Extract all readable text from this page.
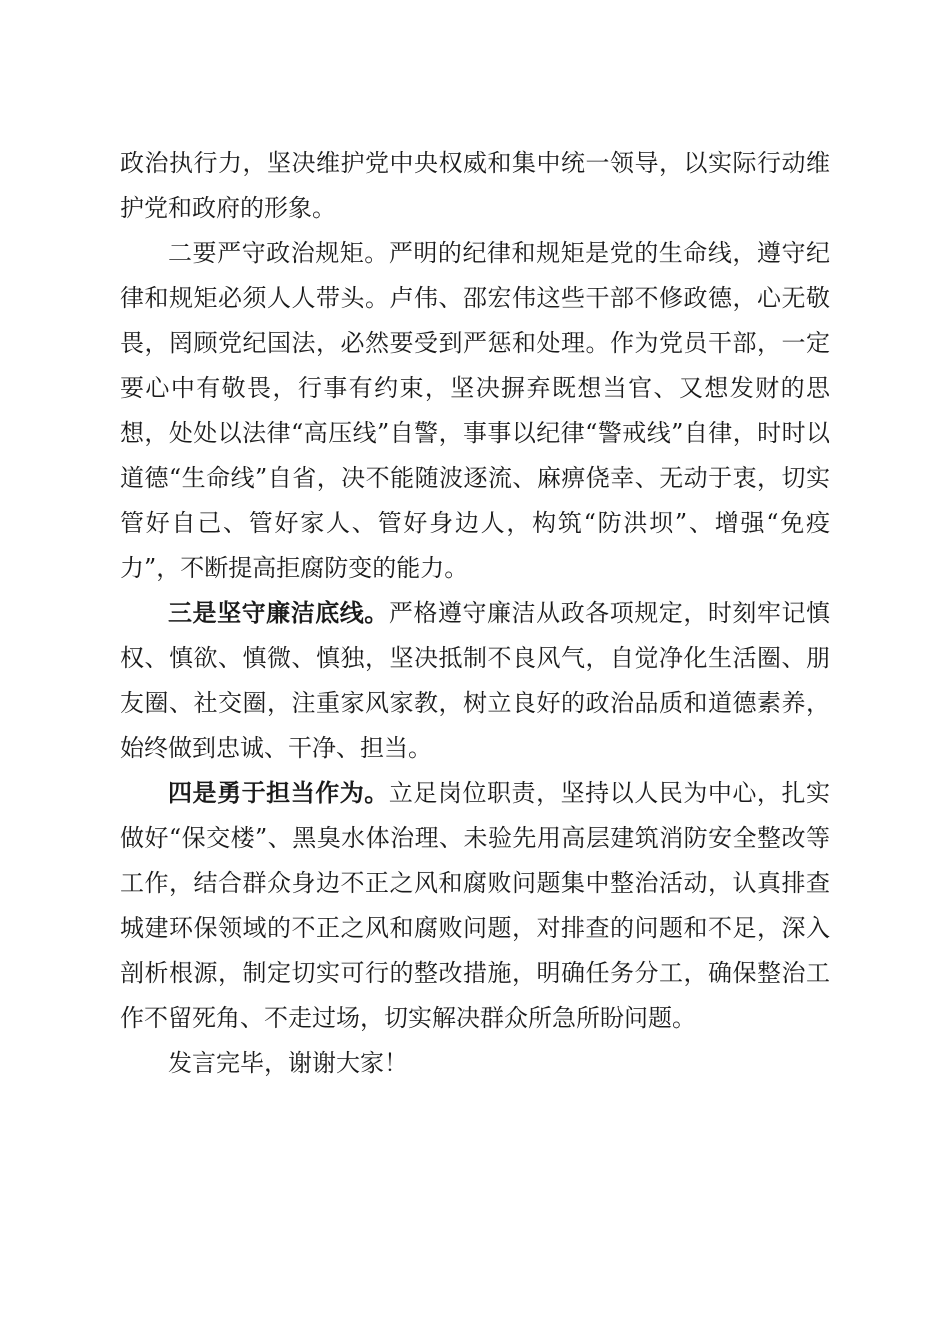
政治执行力，坚决维护党中央权威和集中统一领导，以实际行动维护党和政府的形象。

二要严守政治规矩。严明的纪律和规矩是党的生命线，遵守纪律和规矩必须人人带头。卢伟、邵宏伟这些干部不修政德，心无敬畏，罔顾党纪国法，必然要受到严惩和处理。作为党员干部，一定要心中有敬畏，行事有约束，坚决摒弃既想当官、又想发财的思想，处处以法律“高压线”自警，事事以纪律“警戒线”自律，时时以道德“生命线”自省，决不能随波逐流、麻痹侥幸、无动于衷，切实管好自己、管好家人、管好身边人，构筑“防洪坝”、增强“免疫力”，不断提高拒腐防变的能力。

三是坚守廉洁底线。严格遵守廉洁从政各项规定，时刻牢记慎权、慎欲、慎微、慎独，坚决抵制不良风气，自觉净化生活圈、朋友圈、社交圈，注重家风家教，树立良好的政治品质和道德素养，始终做到忠诚、干净、担当。

四是勇于担当作为。立足岗位职责，坚持以人民为中心，扎实做好“保交楼”、黑臭水体治理、未验先用高层建筑消防安全整改等工作，结合群众身边不正之风和腐败问题集中整治活动，认真排查城建环保领域的不正之风和腐败问题，对排查的问题和不足，深入剖析根源，制定切实可行的整改措施，明确任务分工，确保整治工作不留死角、不走过场，切实解决群众所急所盼问题。

发言完毕，谢谢大家！
